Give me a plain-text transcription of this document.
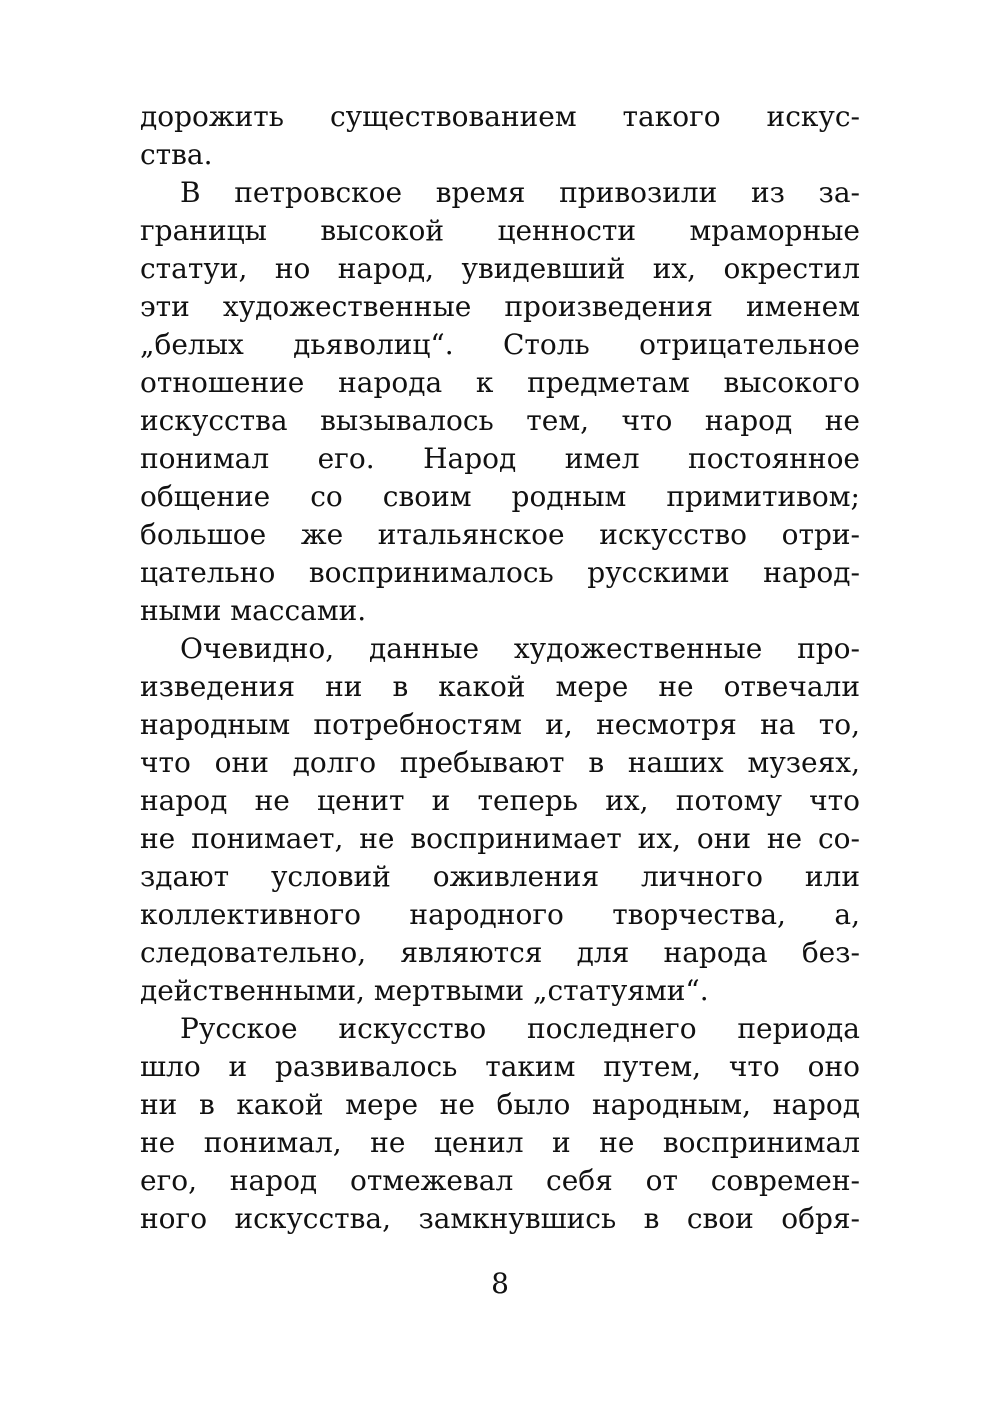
дорожить существованием такого искус-
ства.
В петровское время привозили из за-
границы высокой ценности мраморные
статуи, но народ, увидевший их, окрестил
эти художественные произведения именем
„белых дьяволиц“. Столь отрицательное
отношение народа к предметам высокого
искусства вызывалось тем, что народ не
понимал его. Народ имел постоянное
общение со своим родным примитивом;
большое же итальянское искусство отри-
цательно воспринималось русскими народ-
ными массами.
Очевидно, данные художественные про-
изведения ни в какой мере не отвечали
народным потребностям и, несмотря на то,
что они долго пребывают в наших музеях,
народ не ценит и теперь их, потому что
не понимает, не воспринимает их, они не со-
здают условий оживления личного или
коллективного народного творчества, а,
следовательно, являются для народа без-
действенными, мертвыми „статуями“.
Русское искусство последнего периода
шло и развивалось таким путем, что оно
ни в какой мере не было народным, народ
не понимал, не ценил и не воспринимал
его, народ отмежевал себя от современ-
ного искусства, замкнувшись в свои обря-
8
